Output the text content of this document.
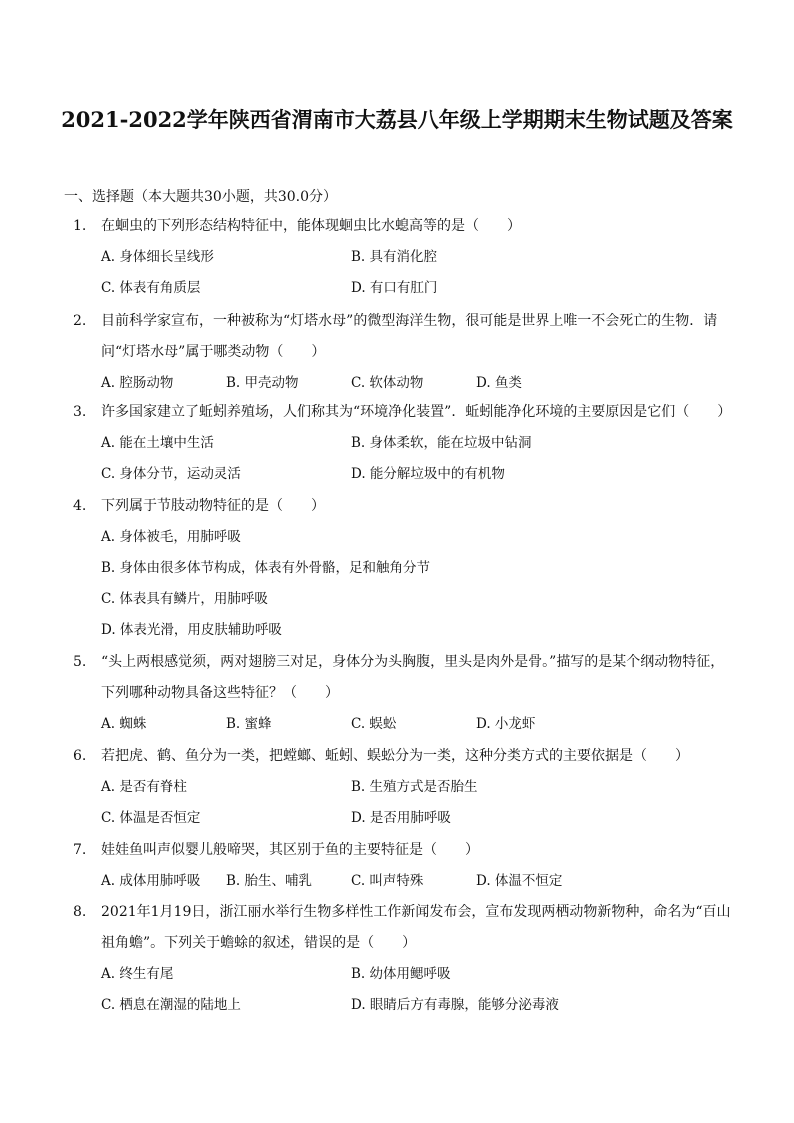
2021-2022学年陕西省渭南市大荔县八年级上学期期末生物试题及答案
一、选择题（本大题共30小题，共30.0分）
1.	在蛔虫的下列形态结构特征中，能体现蛔虫比水螅高等的是（　　）
A. 身体细长呈线形	B. 具有消化腔
C. 体表有角质层	D. 有口有肛门
2.	目前科学家宣布，一种被称为“灯塔水母”的微型海洋生物，很可能是世界上唯一不会死亡的生物．请问“灯塔水母”属于哪类动物（　　）
A. 腔肠动物	B. 甲壳动物	C. 软体动物	D. 鱼类
3.	许多国家建立了蚯蚓养殖场，人们称其为“环境净化装置”．蚯蚓能净化环境的主要原因是它们（　　）
A. 能在土壤中生活	B. 身体柔软，能在垃圾中钻洞
C. 身体分节，运动灵活	D. 能分解垃圾中的有机物
4.	下列属于节肢动物特征的是（　　）
A. 身体被毛，用肺呼吸
B. 身体由很多体节构成，体表有外骨骼，足和触角分节
C. 体表具有鳞片，用肺呼吸
D. 体表光滑，用皮肤辅助呼吸
5.	“头上两根感觉须，两对翅膀三对足，身体分为头胸腹，里头是肉外是骨。”描写的是某个纲动物特征，下列哪种动物具备这些特征？（　　）
A. 蜘蛛	B. 蜜蜂	C. 蜈蚣	D. 小龙虾
6.	若把虎、鹤、鱼分为一类，把螳螂、蚯蚓、蜈蚣分为一类，这种分类方式的主要依据是（　　）
A. 是否有脊柱	B. 生殖方式是否胎生
C. 体温是否恒定	D. 是否用肺呼吸
7.	娃娃鱼叫声似婴儿般啼哭，其区别于鱼的主要特征是（　　）
A. 成体用肺呼吸 B. 胎生、哺乳	C. 叫声特殊	D. 体温不恒定
8.	2021年1月19日，浙江丽水举行生物多样性工作新闻发布会，宣布发现两栖动物新物种，命名为“百山祖角蟾”。下列关于蟾蜍的叙述，错误的是（　　）
A. 终生有尾	B. 幼体用鳃呼吸
C. 栖息在潮湿的陆地上	D. 眼睛后方有毒腺，能够分泌毒液
